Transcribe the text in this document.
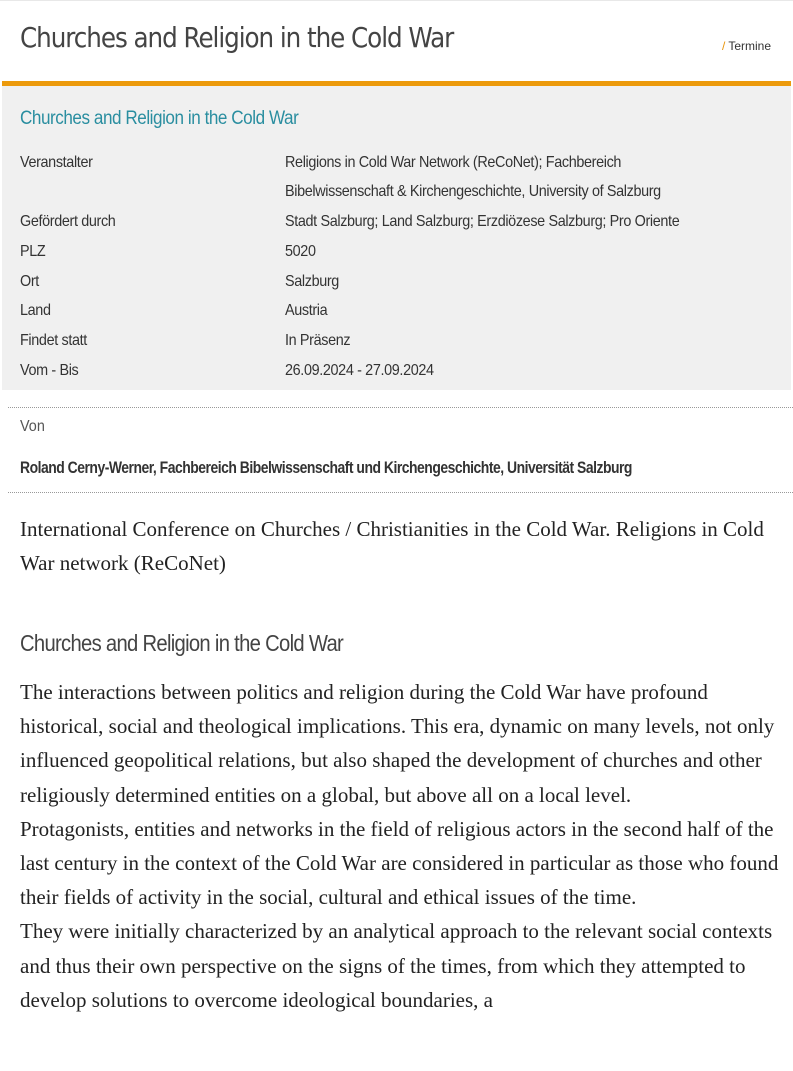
Churches and Religion in the Cold War	/ Termine
Churches and Religion in the Cold War
Veranstalter	Religions in Cold War Network (ReCoNet); Fachbereich Bibelwissenschaft & Kirchengeschichte, University of Salzburg
Gefördert durch	Stadt Salzburg; Land Salzburg; Erzdiözese Salzburg; Pro Oriente
PLZ	5020
Ort	Salzburg
Land	Austria
Findet statt	In Präsenz
Vom - Bis	26.09.2024 - 27.09.2024
Von
Roland Cerny-Werner, Fachbereich Bibelwissenschaft und Kirchengeschichte, Universität Salzburg

International Conference on Churches / Christianities in the Cold War. Religions in Cold War network (ReCoNet)

Churches and Religion in the Cold War

The interactions between politics and religion during the Cold War have profound historical, social and theological implications. This era, dynamic on many levels, not only influenced geopolitical relations, but also shaped the development of churches and other religiously determined entities on a global, but above all on a local level.

Protagonists, entities and networks in the field of religious actors in the second half of the last century in the context of the Cold War are considered in particular as those who found their fields of activity in the social, cultural and ethical issues of the time.

They were initially characterized by an analytical approach to the relevant social contexts and thus their own perspective on the signs of the times, from which they attempted to develop solutions to overcome ideological boundaries, a
